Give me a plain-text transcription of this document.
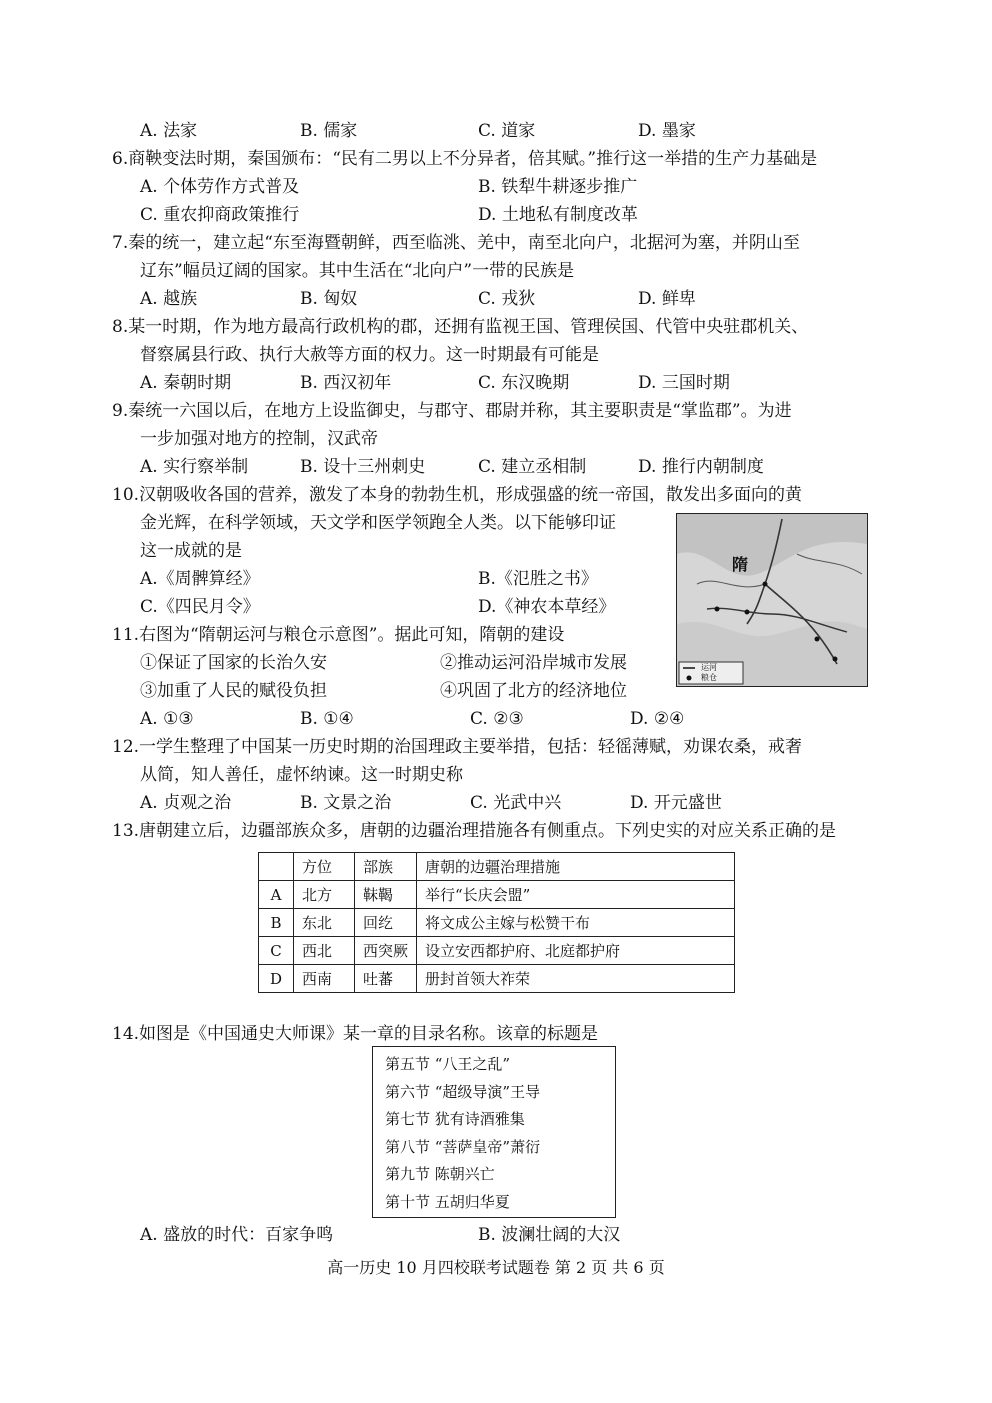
A. 法家	B. 儒家	C. 道家	D. 墨家
6.商鞅变法时期，秦国颁布：“民有二男以上不分异者，倍其赋。”推行这一举措的生产力基础是
A. 个体劳作方式普及	B. 铁犁牛耕逐步推广
C. 重农抑商政策推行	D. 土地私有制度改革
7.秦的统一，建立起“东至海暨朝鲜，西至临洮、羌中，南至北向户，北据河为塞，并阴山至
辽东”幅员辽阔的国家。其中生活在“北向户”一带的民族是
A. 越族	B. 匈奴	C. 戎狄	D. 鲜卑
8.某一时期，作为地方最高行政机构的郡，还拥有监视王国、管理侯国、代管中央驻郡机关、
督察属县行政、执行大赦等方面的权力。这一时期最有可能是
A. 秦朝时期	B. 西汉初年	C. 东汉晚期	D. 三国时期
9.秦统一六国以后，在地方上设监御史，与郡守、郡尉并称，其主要职责是“掌监郡”。为进
一步加强对地方的控制，汉武帝
A. 实行察举制	B. 设十三州刺史	C. 建立丞相制	D. 推行内朝制度
10.汉朝吸收各国的营养，激发了本身的勃勃生机，形成强盛的统一帝国，散发出多面向的黄
金光辉，在科学领域，天文学和医学领跑全人类。以下能够印证
这一成就的是
A.《周髀算经》	B.《氾胜之书》
C.《四民月令》	D.《神农本草经》
隋
运河
粮仓
11.右图为“隋朝运河与粮仓示意图”。据此可知，隋朝的建设
①保证了国家的长治久安	②推动运河沿岸城市发展
③加重了人民的赋役负担	④巩固了北方的经济地位
A. ①③	B. ①④	C. ②③	D. ②④
12.一学生整理了中国某一历史时期的治国理政主要举措，包括：轻徭薄赋，劝课农桑，戒奢
从简，知人善任，虚怀纳谏。这一时期史称
A. 贞观之治	B. 文景之治	C. 光武中兴	D. 开元盛世
13.唐朝建立后，边疆部族众多，唐朝的边疆治理措施各有侧重点。下列史实的对应关系正确的是
	方位	部族	唐朝的边疆治理措施
A	北方	靺鞨	举行“长庆会盟”
B	东北	回纥	将文成公主嫁与松赞干布
C	西北	西突厥	设立安西都护府、北庭都护府
D	西南	吐蕃	册封首领大祚荣
14.如图是《中国通史大师课》某一章的目录名称。该章的标题是
第五节 “八王之乱”
第六节 “超级导演”王导
第七节 犹有诗酒雅集
第八节 “菩萨皇帝”萧衍
第九节 陈朝兴亡
第十节 五胡归华夏
A. 盛放的时代：百家争鸣	B. 波澜壮阔的大汉
高一历史 10 月四校联考试题卷 第 2 页 共 6 页
